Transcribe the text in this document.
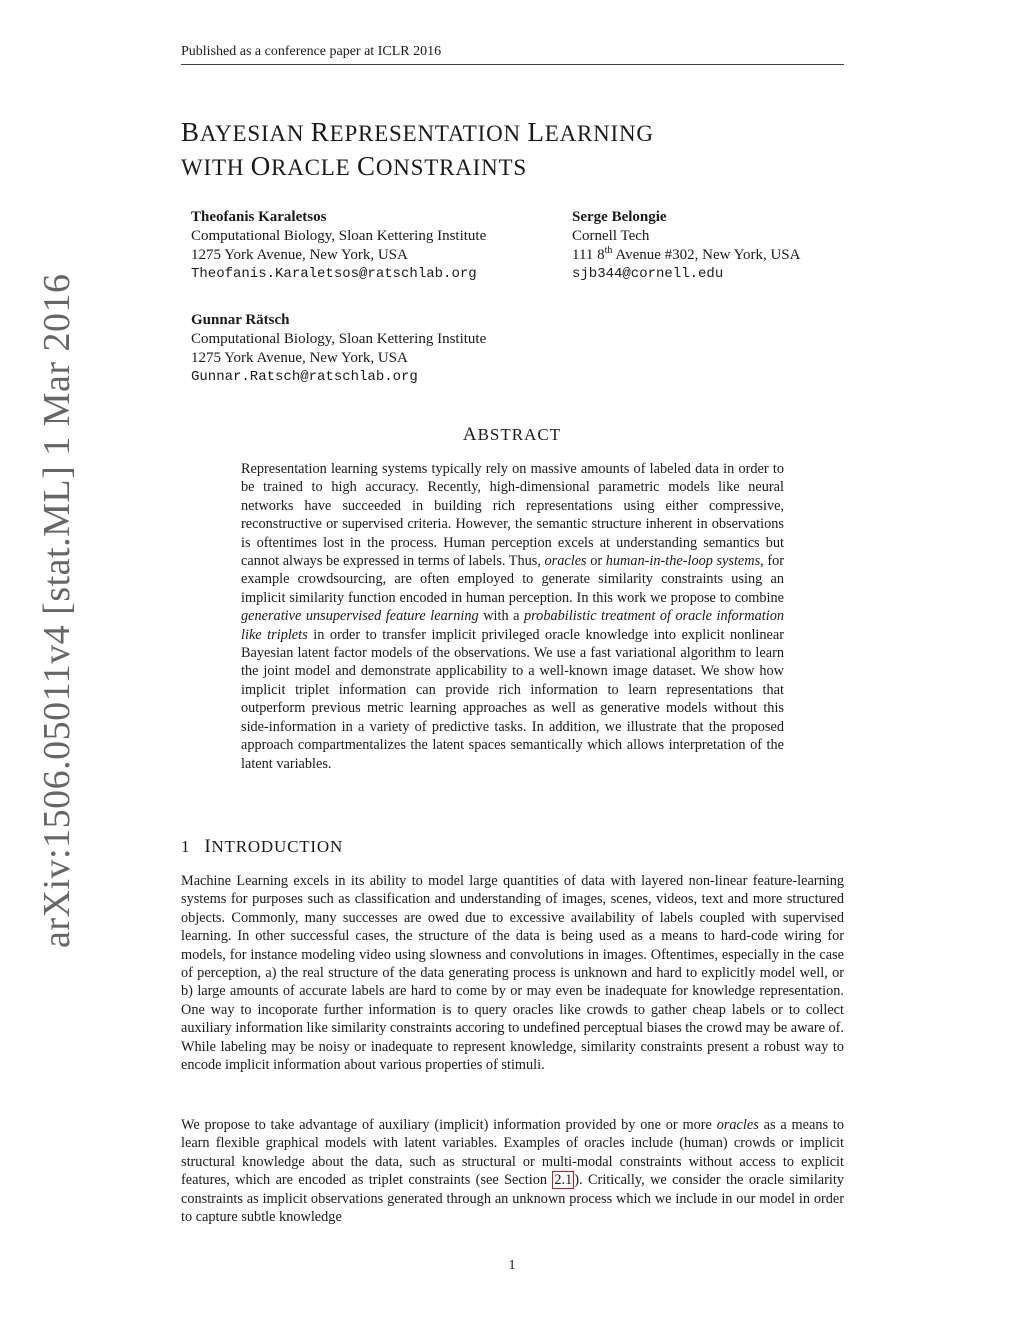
Published as a conference paper at ICLR 2016
arXiv:1506.05011v4 [stat.ML] 1 Mar 2016
BAYESIAN REPRESENTATION LEARNING
WITH ORACLE CONSTRAINTS
Theofanis Karaletsos
Computational Biology, Sloan Kettering Institute
1275 York Avenue, New York, USA
Theofanis.Karaletsos@ratschlab.org
Serge Belongie
Cornell Tech
111 8th Avenue #302, New York, USA
sjb344@cornell.edu
Gunnar Rätsch
Computational Biology, Sloan Kettering Institute
1275 York Avenue, New York, USA
Gunnar.Ratsch@ratschlab.org
ABSTRACT
Representation learning systems typically rely on massive amounts of labeled data in order to be trained to high accuracy. Recently, high-dimensional parametric models like neural networks have succeeded in building rich representations using either compressive, reconstructive or supervised criteria. However, the semantic structure inherent in observations is oftentimes lost in the process. Human perception excels at understanding semantics but cannot always be expressed in terms of labels. Thus, oracles or human-in-the-loop systems, for example crowdsourcing, are often employed to generate similarity constraints using an implicit similarity function encoded in human perception. In this work we propose to combine generative unsupervised feature learning with a probabilistic treatment of oracle information like triplets in order to transfer implicit privileged oracle knowledge into explicit nonlinear Bayesian latent factor models of the observations. We use a fast variational algorithm to learn the joint model and demonstrate applicability to a well-known image dataset. We show how implicit triplet information can provide rich information to learn representations that outperform previous metric learning approaches as well as generative models without this side-information in a variety of predictive tasks. In addition, we illustrate that the proposed approach compartmentalizes the latent spaces semantically which allows interpretation of the latent variables.
1 INTRODUCTION

Machine Learning excels in its ability to model large quantities of data with layered non-linear feature-learning systems for purposes such as classification and understanding of images, scenes, videos, text and more structured objects. Commonly, many successes are owed due to excessive availability of labels coupled with supervised learning. In other successful cases, the structure of the data is being used as a means to hard-code wiring for models, for instance modeling video using slowness and convolutions in images. Oftentimes, especially in the case of perception, a) the real structure of the data generating process is unknown and hard to explicitly model well, or b) large amounts of accurate labels are hard to come by or may even be inadequate for knowledge representation. One way to incoporate further information is to query oracles like crowds to gather cheap labels or to collect auxiliary information like similarity constraints accoring to undefined perceptual biases the crowd may be aware of. While labeling may be noisy or inadequate to represent knowledge, similarity constraints present a robust way to encode implicit information about various properties of stimuli.

We propose to take advantage of auxiliary (implicit) information provided by one or more oracles as a means to learn flexible graphical models with latent variables. Examples of oracles include (human) crowds or implicit structural knowledge about the data, such as structural or multi-modal constraints without access to explicit features, which are encoded as triplet constraints (see Section 2.1 ). Critically, we consider the oracle similarity constraints as implicit observations generated through an unknown process which we include in our model in order to capture subtle knowledge

1
